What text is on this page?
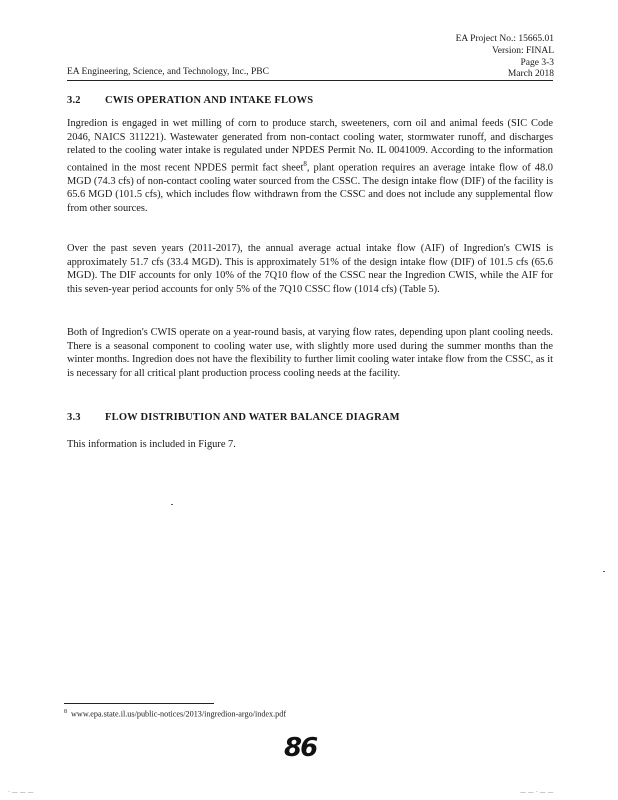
EA Project No.: 15665.01
Version: FINAL
Page 3-3
March 2018
EA Engineering, Science, and Technology, Inc., PBC
3.2 CWIS OPERATION AND INTAKE FLOWS
Ingredion is engaged in wet milling of corn to produce starch, sweeteners, corn oil and animal feeds (SIC Code 2046, NAICS 311221). Wastewater generated from non-contact cooling water, stormwater runoff, and discharges related to the cooling water intake is regulated under NPDES Permit No. IL 0041009. According to the information contained in the most recent NPDES permit fact sheet$^8$, plant operation requires an average intake flow of 48.0 MGD (74.3 cfs) of non-contact cooling water sourced from the CSSC. The design intake flow (DIF) of the facility is 65.6 MGD (101.5 cfs), which includes flow withdrawn from the CSSC and does not include any supplemental flow from other sources.
Over the past seven years (2011-2017), the annual average actual intake flow (AIF) of Ingredion's CWIS is approximately 51.7 cfs (33.4 MGD). This is approximately 51% of the design intake flow (DIF) of 101.5 cfs (65.6 MGD). The DIF accounts for only 10% of the 7Q10 flow of the CSSC near the Ingredion CWIS, while the AIF for this seven-year period accounts for only 5% of the 7Q10 CSSC flow (1014 cfs) (Table 5).
Both of Ingredion's CWIS operate on a year-round basis, at varying flow rates, depending upon plant cooling needs. There is a seasonal component to cooling water use, with slightly more used during the summer months than the winter months. Ingredion does not have the flexibility to further limit cooling water intake flow from the CSSC, as it is necessary for all critical plant production process cooling needs at the facility.
3.3 FLOW DISTRIBUTION AND WATER BALANCE DIAGRAM
This information is included in Figure 7.
$^8$ www.epa.state.il.us/public-notices/2013/ingredion-argo/index.pdf
86
· — — —	— — · — —
